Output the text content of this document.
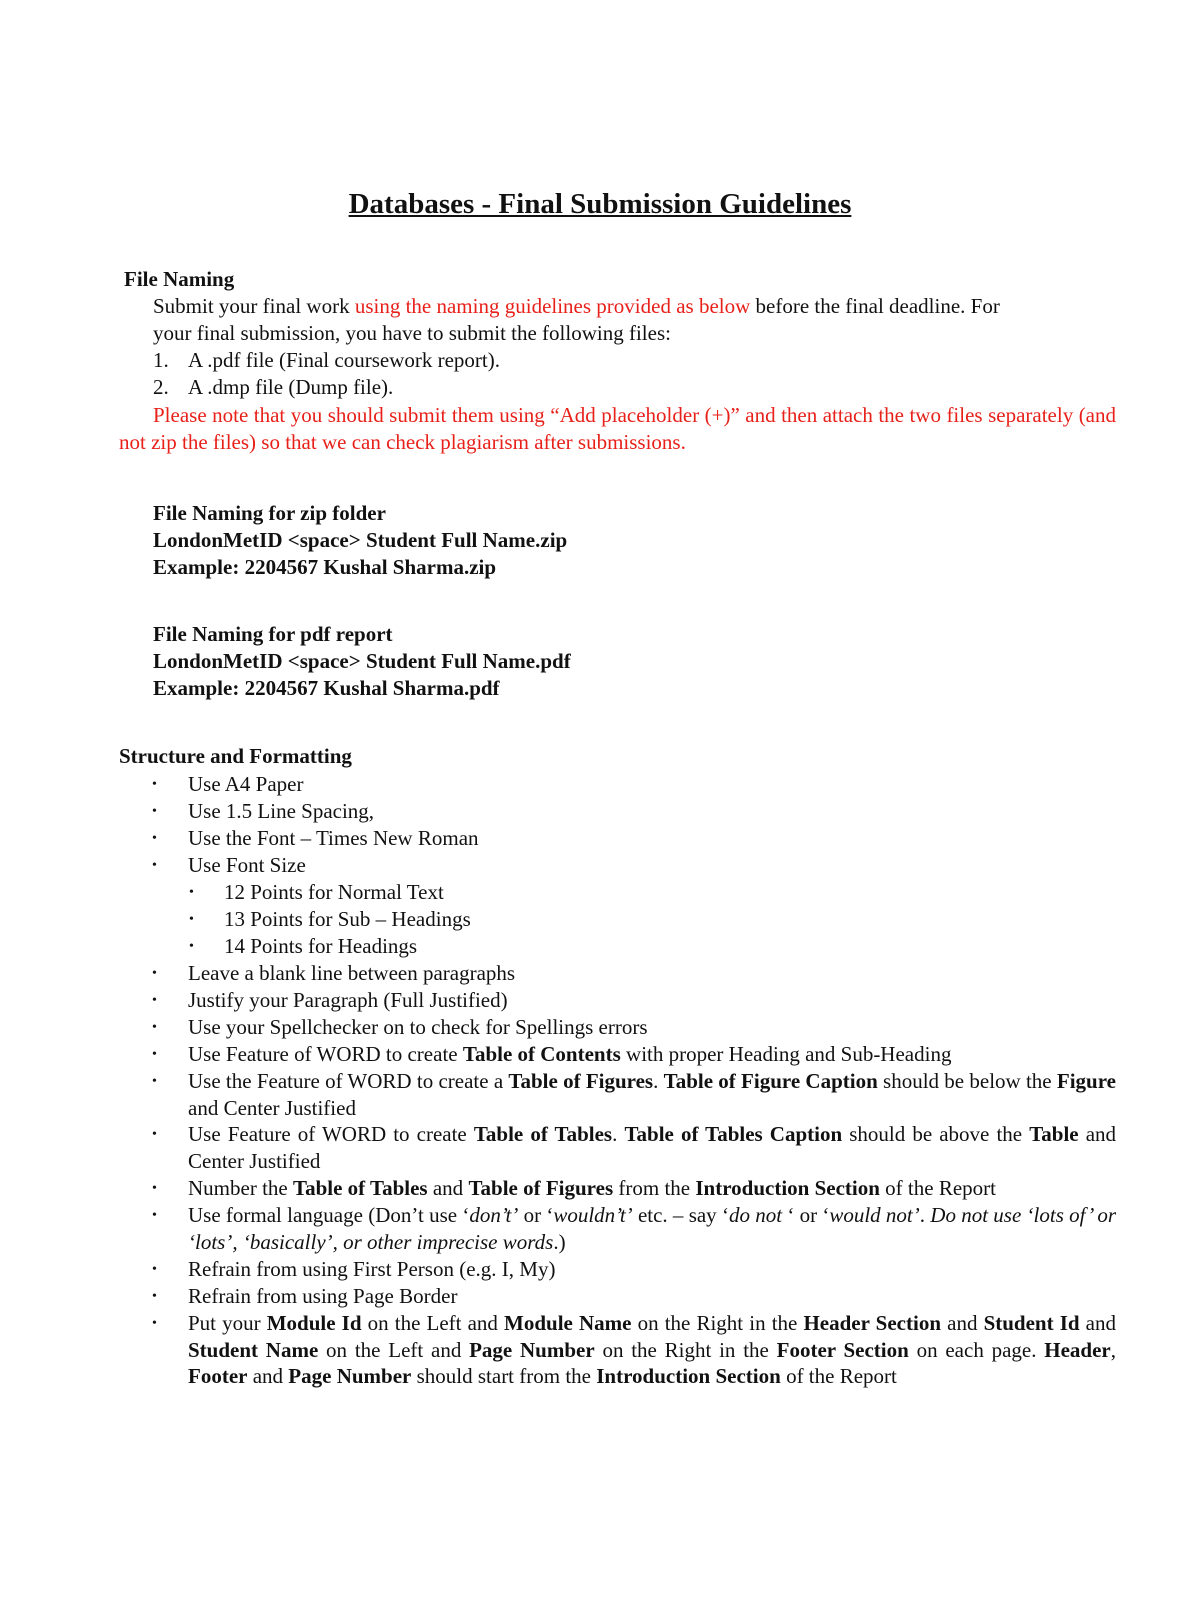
Databases - Final Submission Guidelines
File Naming
Submit your final work using the naming guidelines provided as below before the final deadline. For
your final submission, you have to submit the following files:
1. A .pdf file (Final coursework report).
2. A .dmp file (Dump file).
Please note that you should submit them using “Add placeholder (+)” and then attach the two files separately (and not zip the files) so that we can check plagiarism after submissions.
File Naming for zip folder
LondonMetID <space> Student Full Name.zip
Example: 2204567 Kushal Sharma.zip
File Naming for pdf report
LondonMetID <space> Student Full Name.pdf
Example: 2204567 Kushal Sharma.pdf
Structure and Formatting
•
•
•
•
•
•
•
•
•
•
•
•
•
•
•
•
•
•
Use A4 Paper
Use 1.5 Line Spacing,
Use the Font – Times New Roman
Use Font Size
12 Points for Normal Text
13 Points for Sub – Headings
14 Points for Headings
Leave a blank line between paragraphs
Justify your Paragraph (Full Justified)
Use your Spellchecker on to check for Spellings errors
Use Feature of WORD to create Table of Contents with proper Heading and Sub-Heading
Use the Feature of WORD to create a Table of Figures. Table of Figure Caption should be below the Figure and Center Justified
Use Feature of WORD to create Table of Tables. Table of Tables Caption should be above the Table and Center Justified
Number the Table of Tables and Table of Figures from the Introduction Section of the Report
Use formal language (Don’t use ‘don’t’ or ‘wouldn’t’ etc. – say ‘do not ‘ or ‘would not’. Do not use ‘lots of’ or ‘lots’, ‘basically’, or other imprecise words.)
Refrain from using First Person (e.g. I, My)
Refrain from using Page Border
Put your Module Id on the Left and Module Name on the Right in the Header Section and Student Id and Student Name on the Left and Page Number on the Right in the Footer Section on each page. Header, Footer and Page Number should start from the Introduction Section of the Report
